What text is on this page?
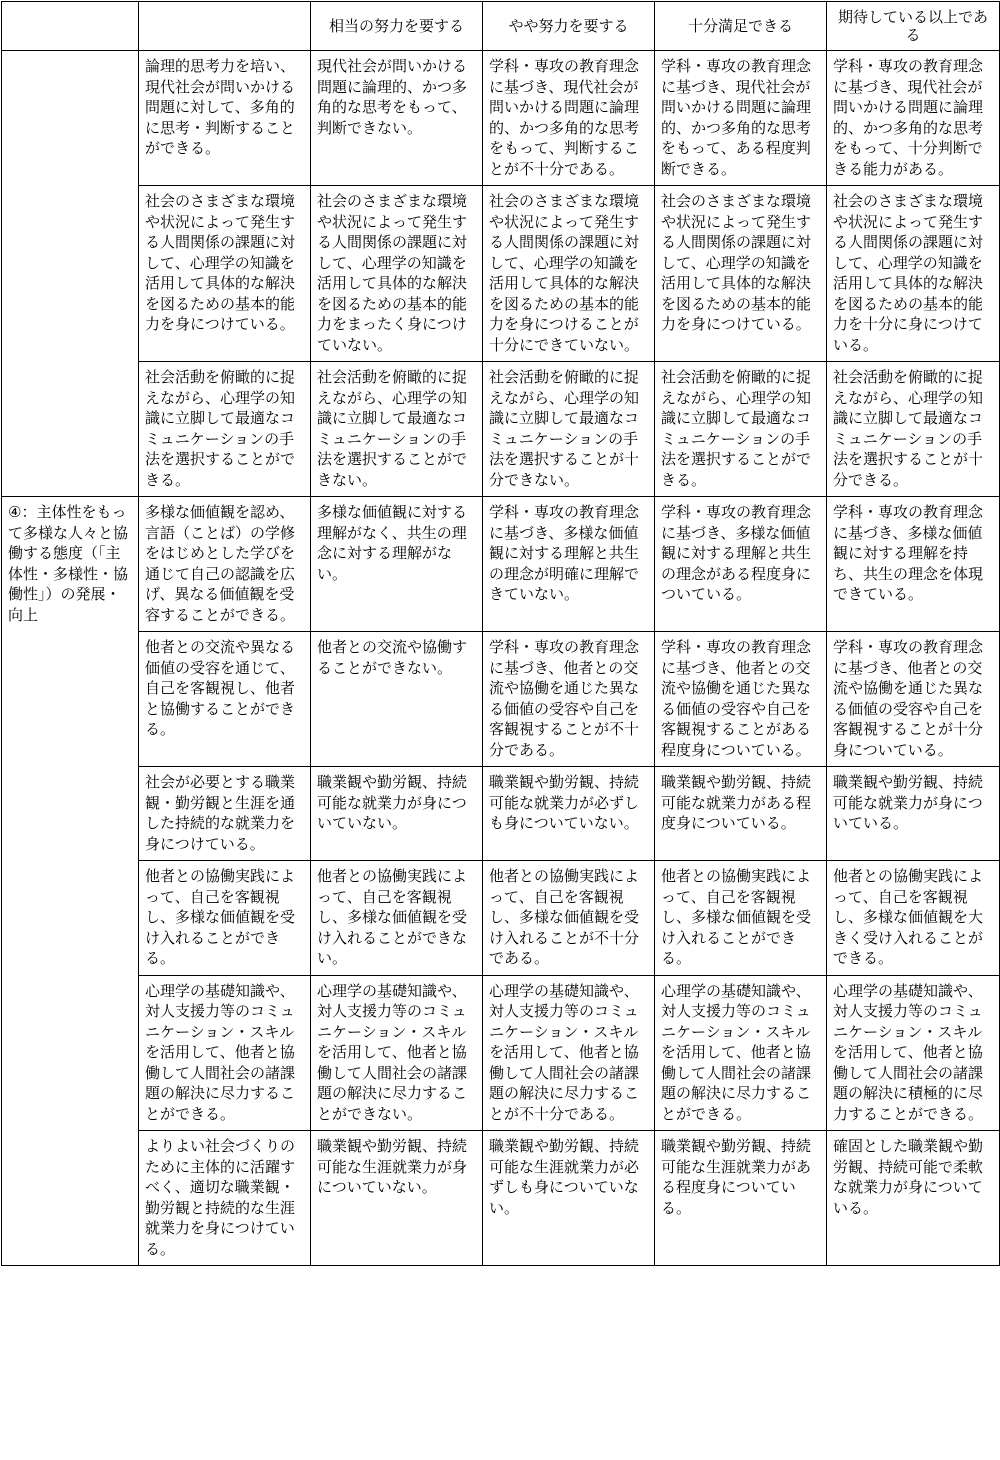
		相当の努力を要する	やや努力を要する	十分満足できる	期待している以上である
	論理的思考力を培い、現代社会が問いかける問題に対して、多角的に思考・判断することができる。	現代社会が問いかける問題に論理的、かつ多角的な思考をもって、判断できない。	学科・専攻の教育理念に基づき、現代社会が問いかける問題に論理的、かつ多角的な思考をもって、判断することが不十分である。	学科・専攻の教育理念に基づき、現代社会が問いかける問題に論理的、かつ多角的な思考をもって、ある程度判断できる。	学科・専攻の教育理念に基づき、現代社会が問いかける問題に論理的、かつ多角的な思考をもって、十分判断できる能力がある。
	社会のさまざまな環境や状況によって発生する人間関係の課題に対して、心理学の知識を活用して具体的な解決を図るための基本的能力を身につけている。	社会のさまざまな環境や状況によって発生する人間関係の課題に対して、心理学の知識を活用して具体的な解決を図るための基本的能力をまったく身につけていない。	社会のさまざまな環境や状況によって発生する人間関係の課題に対して、心理学の知識を活用して具体的な解決を図るための基本的能力を身につけることが十分にできていない。	社会のさまざまな環境や状況によって発生する人間関係の課題に対して、心理学の知識を活用して具体的な解決を図るための基本的能力を身につけている。	社会のさまざまな環境や状況によって発生する人間関係の課題に対して、心理学の知識を活用して具体的な解決を図るための基本的能力を十分に身につけている。
	社会活動を俯瞰的に捉えながら、心理学の知識に立脚して最適なコミュニケーションの手法を選択することができる。	社会活動を俯瞰的に捉えながら、心理学の知識に立脚して最適なコミュニケーションの手法を選択することができない。	社会活動を俯瞰的に捉えながら、心理学の知識に立脚して最適なコミュニケーションの手法を選択することが十分できない。	社会活動を俯瞰的に捉えながら、心理学の知識に立脚して最適なコミュニケーションの手法を選択することができる。	社会活動を俯瞰的に捉えながら、心理学の知識に立脚して最適なコミュニケーションの手法を選択することが十分できる。
④：主体性をもって多様な人々と協働する態度（「主体性・多様性・協働性」）の発展・向上	多様な価値観を認め、言語（ことば）の学修をはじめとした学びを通じて自己の認識を広げ、異なる価値観を受容することができる。	多様な価値観に対する理解がなく、共生の理念に対する理解がない。	学科・専攻の教育理念に基づき、多様な価値観に対する理解と共生の理念が明確に理解できていない。	学科・専攻の教育理念に基づき、多様な価値観に対する理解と共生の理念がある程度身についている。	学科・専攻の教育理念に基づき、多様な価値観に対する理解を持ち、共生の理念を体現できている。
	他者との交流や異なる価値の受容を通じて、自己を客観視し、他者と協働することができる。	他者との交流や協働することができない。	学科・専攻の教育理念に基づき、他者との交流や協働を通じた異なる価値の受容や自己を客観視することが不十分である。	学科・専攻の教育理念に基づき、他者との交流や協働を通じた異なる価値の受容や自己を客観視することがある程度身についている。	学科・専攻の教育理念に基づき、他者との交流や協働を通じた異なる価値の受容や自己を客観視することが十分身についている。
	社会が必要とする職業観・勤労観と生涯を通した持続的な就業力を身につけている。	職業観や勤労観、持続可能な就業力が身についていない。	職業観や勤労観、持続可能な就業力が必ずしも身についていない。	職業観や勤労観、持続可能な就業力がある程度身についている。	職業観や勤労観、持続可能な就業力が身についている。
	他者との協働実践によって、自己を客観視し、多様な価値観を受け入れることができる。	他者との協働実践によって、自己を客観視し、多様な価値観を受け入れることができない。	他者との協働実践によって、自己を客観視し、多様な価値観を受け入れることが不十分である。	他者との協働実践によって、自己を客観視し、多様な価値観を受け入れることができる。	他者との協働実践によって、自己を客観視し、多様な価値観を大きく受け入れることができる。
	心理学の基礎知識や、対人支援力等のコミュニケーション・スキルを活用して、他者と協働して人間社会の諸課題の解決に尽力することができる。	心理学の基礎知識や、対人支援力等のコミュニケーション・スキルを活用して、他者と協働して人間社会の諸課題の解決に尽力することができない。	心理学の基礎知識や、対人支援力等のコミュニケーション・スキルを活用して、他者と協働して人間社会の諸課題の解決に尽力することが不十分である。	心理学の基礎知識や、対人支援力等のコミュニケーション・スキルを活用して、他者と協働して人間社会の諸課題の解決に尽力することができる。	心理学の基礎知識や、対人支援力等のコミュニケーション・スキルを活用して、他者と協働して人間社会の諸課題の解決に積極的に尽力することができる。
	よりよい社会づくりのために主体的に活躍すべく、適切な職業観・勤労観と持続的な生涯就業力を身につけている。	職業観や勤労観、持続可能な生涯就業力が身についていない。	職業観や勤労観、持続可能な生涯就業力が必ずしも身についていない。	職業観や勤労観、持続可能な生涯就業力がある程度身についている。	確固とした職業観や勤労観、持続可能で柔軟な就業力が身についている。
